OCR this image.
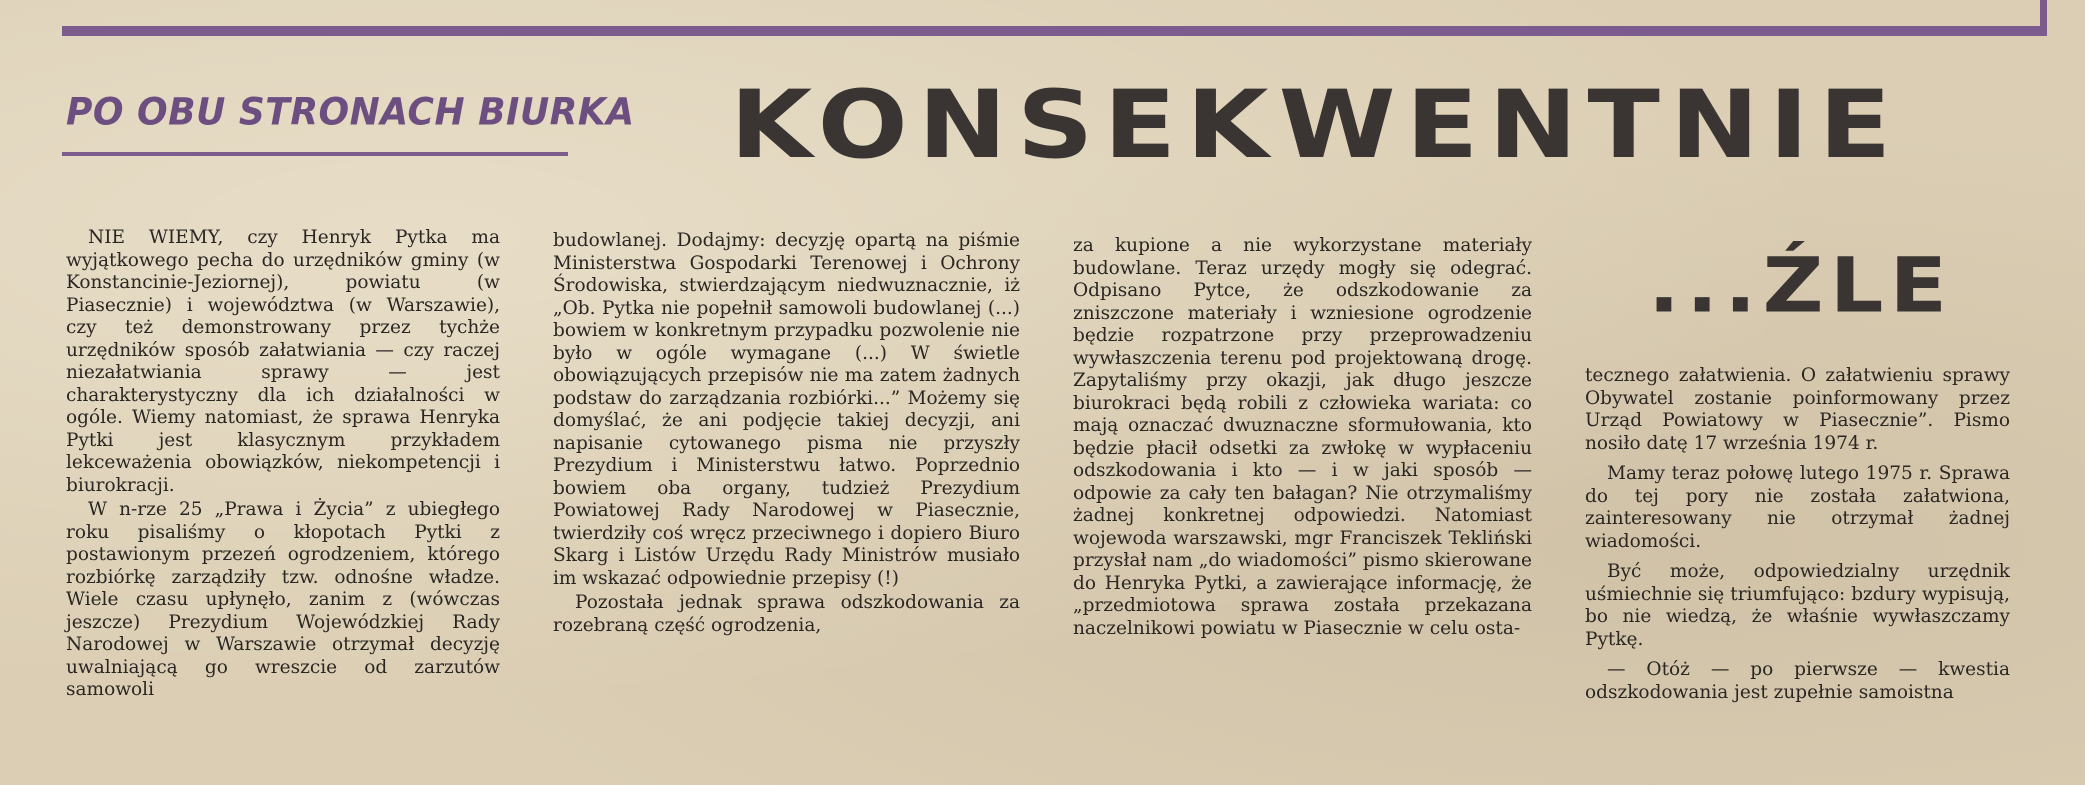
PO OBU STRONACH BIURKA KONSEKWENTNIE
...ŹLE

NIE WIEMY, czy Henryk Pytka ma wyjątkowego pecha do urzędników gminy (w Konstancinie-Jeziornej), powiatu (w Piasecznie) i województwa (w Warszawie), czy też demonstrowany przez tychże urzędników sposób załatwiania — czy raczej niezałatwiania sprawy — jest charakterystyczny dla ich działalności w ogóle. Wiemy natomiast, że sprawa Henryka Pytki jest klasycznym przykładem lekceważenia obowiązków, niekompetencji i biurokracji.

W n-rze 25 „Prawa i Życia” z ubiegłego roku pisaliśmy o kłopotach Pytki z postawionym przezeń ogrodzeniem, którego rozbiórkę zarządziły tzw. odnośne władze. Wiele czasu upłynęło, zanim z (wówczas jeszcze) Prezydium Wojewódzkiej Rady Narodowej w Warszawie otrzymał decyzję uwalniającą go wreszcie od zarzutów samowoli

budowlanej. Dodajmy: decyzję opartą na piśmie Ministerstwa Gospodarki Terenowej i Ochrony Środowiska, stwierdzającym niedwuznacznie, iż „Ob. Pytka nie popełnił samowoli budowlanej (...) bowiem w konkretnym przypadku pozwolenie nie było w ogóle wymagane (...) W świetle obowiązujących przepisów nie ma zatem żadnych podstaw do zarządzania rozbiórki...” Możemy się domyślać, że ani podjęcie takiej decyzji, ani napisanie cytowanego pisma nie przyszły Prezydium i Ministerstwu łatwo. Poprzednio bowiem oba organy, tudzież Prezydium Powiatowej Rady Narodowej w Piasecznie, twierdziły coś wręcz przeciwnego i dopiero Biuro Skarg i Listów Urzędu Rady Ministrów musiało im wskazać odpowiednie przepisy (!)

Pozostała jednak sprawa odszkodowania za rozebraną część ogrodzenia,

za kupione a nie wykorzystane materiały budowlane. Teraz urzędy mogły się odegrać. Odpisano Pytce, że odszkodowanie za zniszczone materiały i wzniesione ogrodzenie będzie rozpatrzone przy przeprowadzeniu wywłaszczenia terenu pod projektowaną drogę. Zapytaliśmy przy okazji, jak długo jeszcze biurokraci będą robili z człowieka wariata: co mają oznaczać dwuznaczne sformułowania, kto będzie płacił odsetki za zwłokę w wypłaceniu odszkodowania i kto — i w jaki sposób — odpowie za cały ten bałagan? Nie otrzymaliśmy żadnej konkretnej odpowiedzi. Natomiast wojewoda warszawski, mgr Franciszek Tekliński przysłał nam „do wiadomości” pismo skierowane do Henryka Pytki, a zawierające informację, że „przedmiotowa sprawa została przekazana naczelnikowi powiatu w Piasecznie w celu osta-

tecznego załatwienia. O załatwieniu sprawy Obywatel zostanie poinformowany przez Urząd Powiatowy w Piasecznie”. Pismo nosiło datę 17 września 1974 r.

Mamy teraz połowę lutego 1975 r. Sprawa do tej pory nie została załatwiona, zainteresowany nie otrzymał żadnej wiadomości.

Być może, odpowiedzialny urzędnik uśmiechnie się triumfująco: bzdury wypisują, bo nie wiedzą, że właśnie wywłaszczamy Pytkę.

— Otóż — po pierwsze — kwestia odszkodowania jest zupełnie samoistna
